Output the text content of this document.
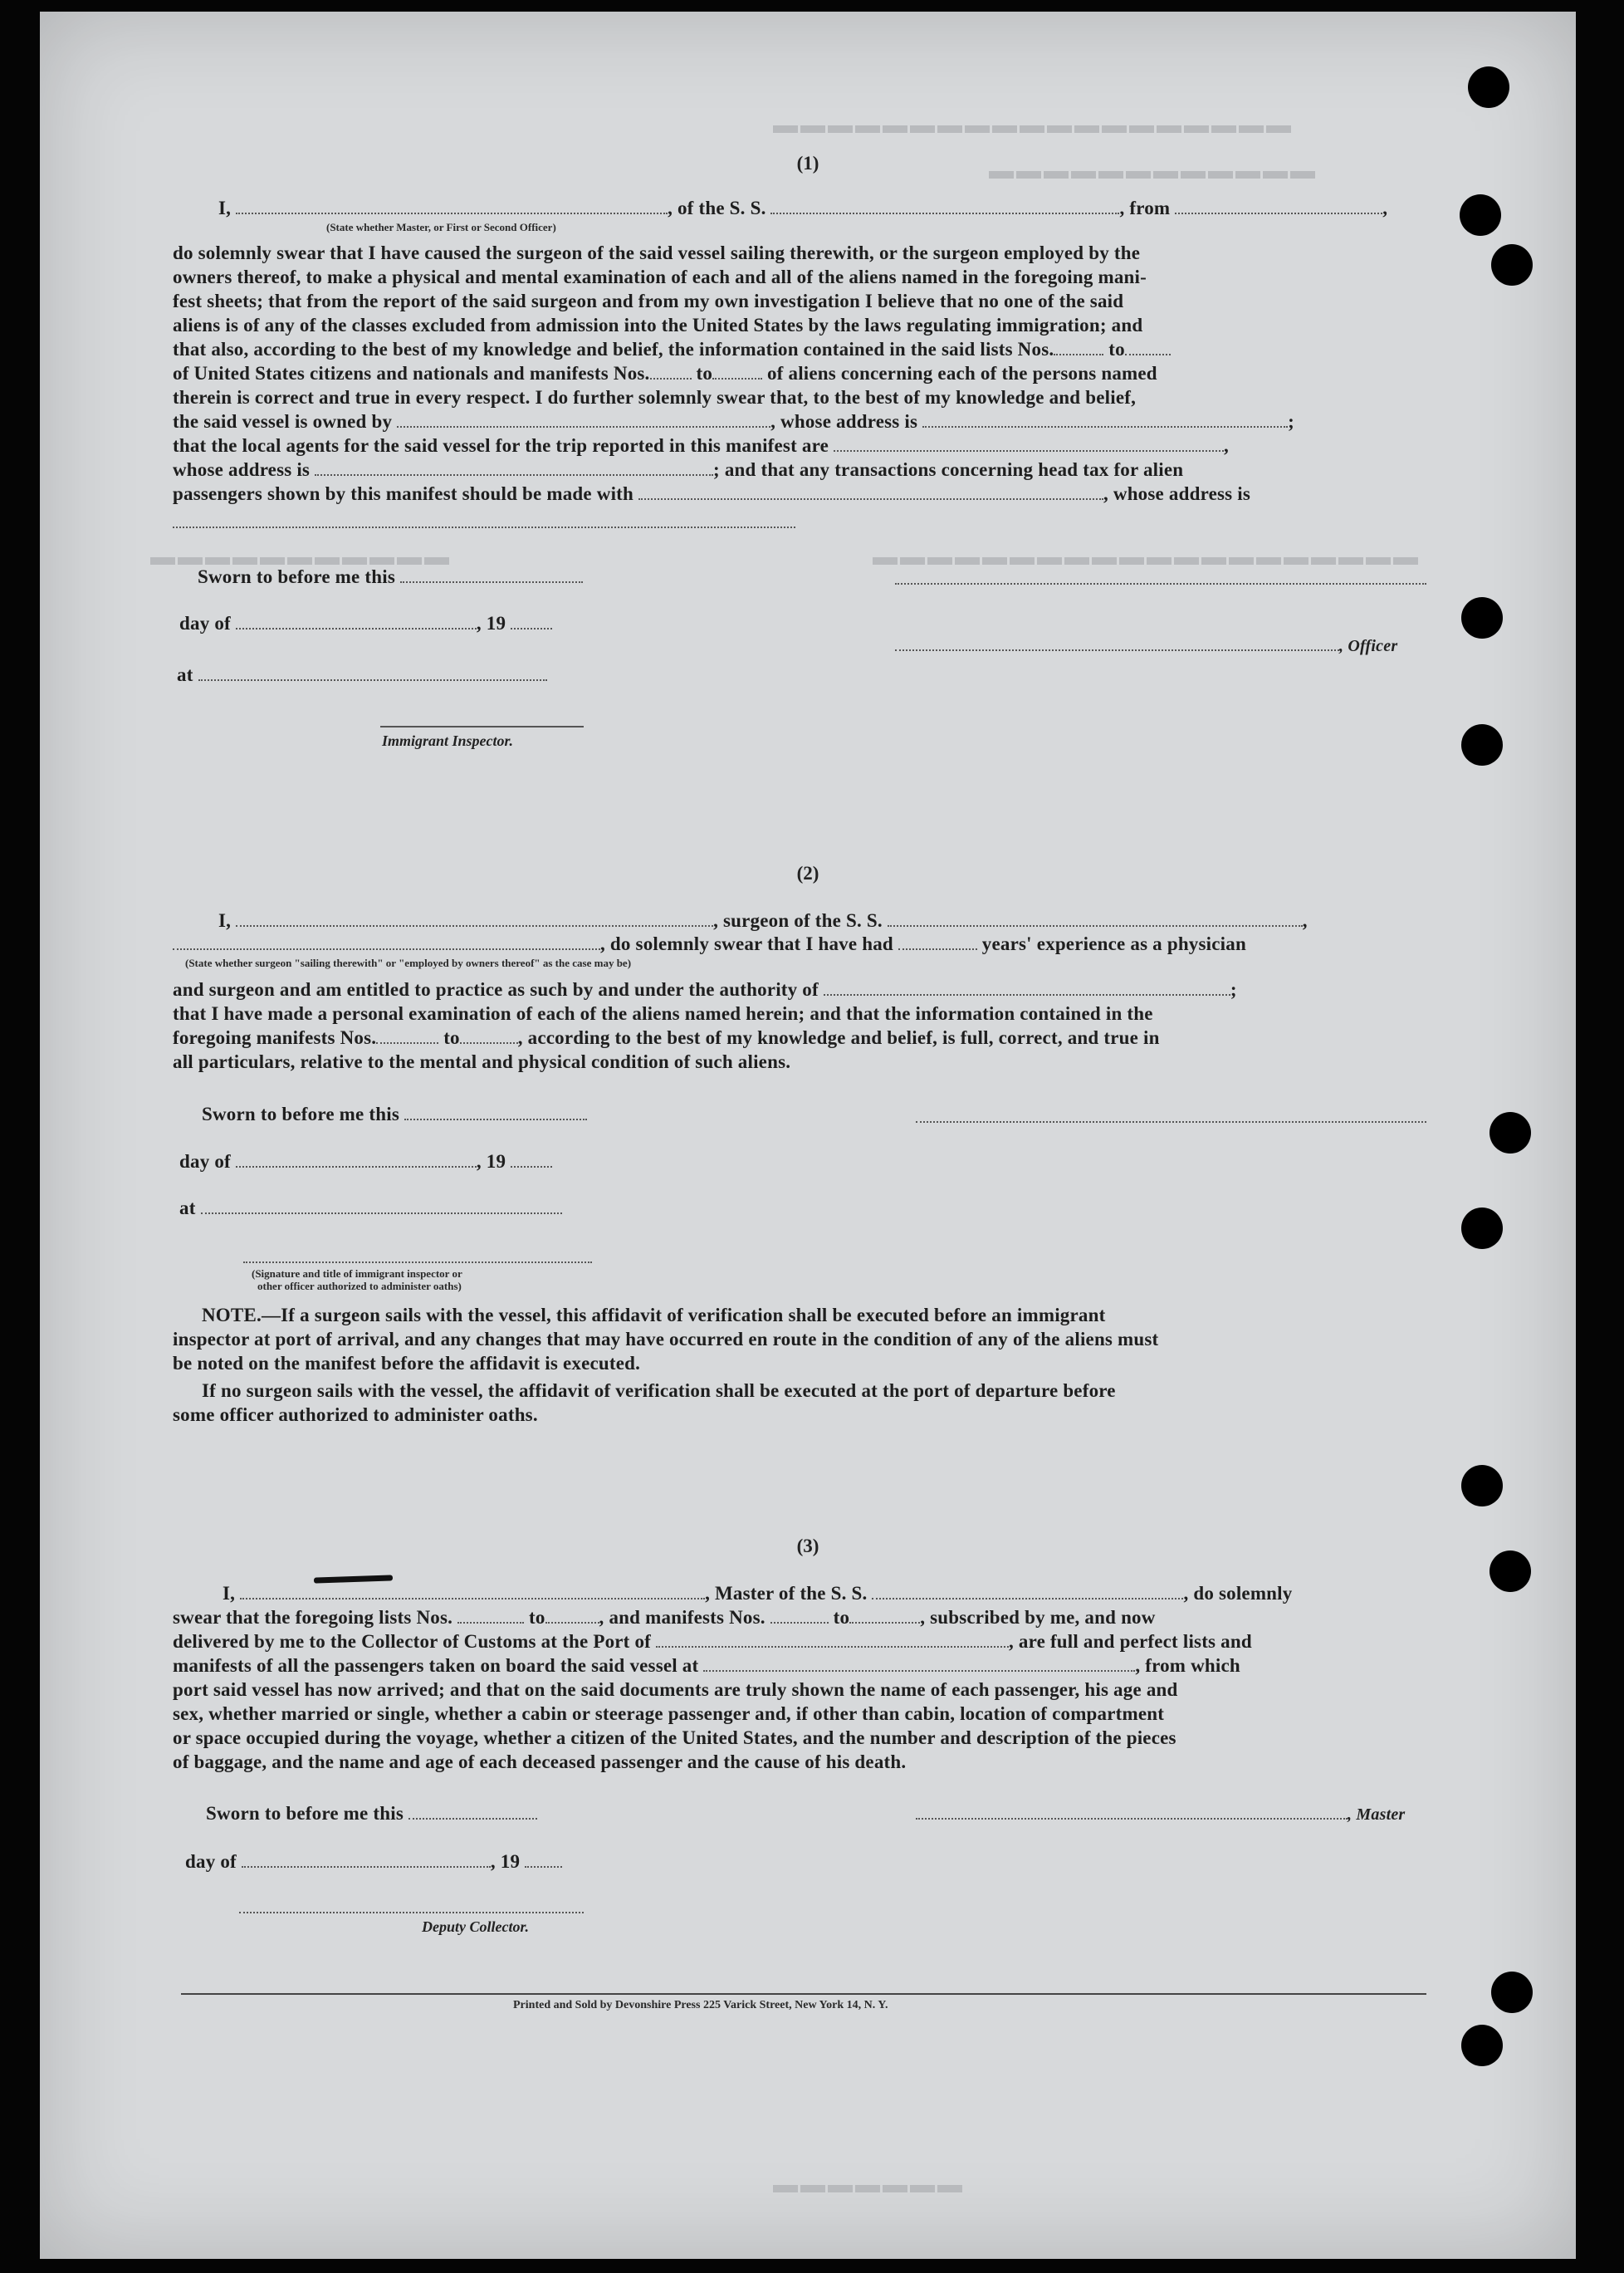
▬▬▬▬▬▬▬▬▬▬▬▬▬▬▬▬▬▬▬
▬▬▬▬▬▬▬▬▬▬▬▬
▬▬▬▬▬▬▬▬▬▬▬▬▬▬▬▬▬▬▬▬
▬▬▬▬▬▬▬▬▬▬▬
▬▬▬▬▬▬▬
(1)
I,	, of the S. S.	, from	,
(State whether Master, or First or Second Officer)
do solemnly swear that I have caused the surgeon of the said vessel sailing therewith, or the surgeon employed by the
owners thereof, to make a physical and mental examination of each and all of the aliens named in the foregoing mani-
fest sheets; that from the report of the said surgeon and from my own investigation I believe that no one of the said
aliens is of any of the classes excluded from admission into the United States by the laws regulating immigration; and
that also, according to the best of my knowledge and belief, the information contained in the said lists Nos.	to
of United States citizens and nationals and manifests Nos. to	of aliens concerning each of the persons named
therein is correct and true in every respect. I do further solemnly swear that, to the best of my knowledge and belief,
the said vessel is owned by	, whose address is	;
that the local agents for the said vessel for the trip reported in this manifest are	,
whose address is	; and that any transactions concerning head tax for alien
passengers shown by this manifest should be made with	, whose address is
Sworn to before me this
day of	, 19
, Officer
at
Immigrant Inspector.
(2)
I,	, surgeon of the S. S.	,
, do solemnly swear that I have had	years' experience as a physician
(State whether surgeon "sailing therewith" or "employed by owners thereof" as the case may be)
and surgeon and am entitled to practice as such by and under the authority of	;
that I have made a personal examination of each of the aliens named herein; and that the information contained in the
foregoing manifests Nos.	to	, according to the best of my knowledge and belief, is full, correct, and true in
all particulars, relative to the mental and physical condition of such aliens.
Sworn to before me this
day of	, 19
at
(Signature and title of immigrant inspector or
other officer authorized to administer oaths)
NOTE.—If a surgeon sails with the vessel, this affidavit of verification shall be executed before an immigrant
inspector at port of arrival, and any changes that may have occurred en route in the condition of any of the aliens must
be noted on the manifest before the affidavit is executed.
If no surgeon sails with the vessel, the affidavit of verification shall be executed at the port of departure before
some officer authorized to administer oaths.
(3)
I,	, Master of the S. S.	, do solemnly
swear that the foregoing lists Nos.	to	, and manifests Nos.	to	, subscribed by me, and now
delivered by me to the Collector of Customs at the Port of	, are full and perfect lists and
manifests of all the passengers taken on board the said vessel at	, from which
port said vessel has now arrived; and that on the said documents are truly shown the name of each passenger, his age and
sex, whether married or single, whether a cabin or steerage passenger and, if other than cabin, location of compartment
or space occupied during the voyage, whether a citizen of the United States, and the number and description of the pieces
of baggage, and the name and age of each deceased passenger and the cause of his death.
Sworn to before me this	, Master
day of	, 19
Deputy Collector.
Printed and Sold by Devonshire Press 225 Varick Street, New York 14, N. Y.
